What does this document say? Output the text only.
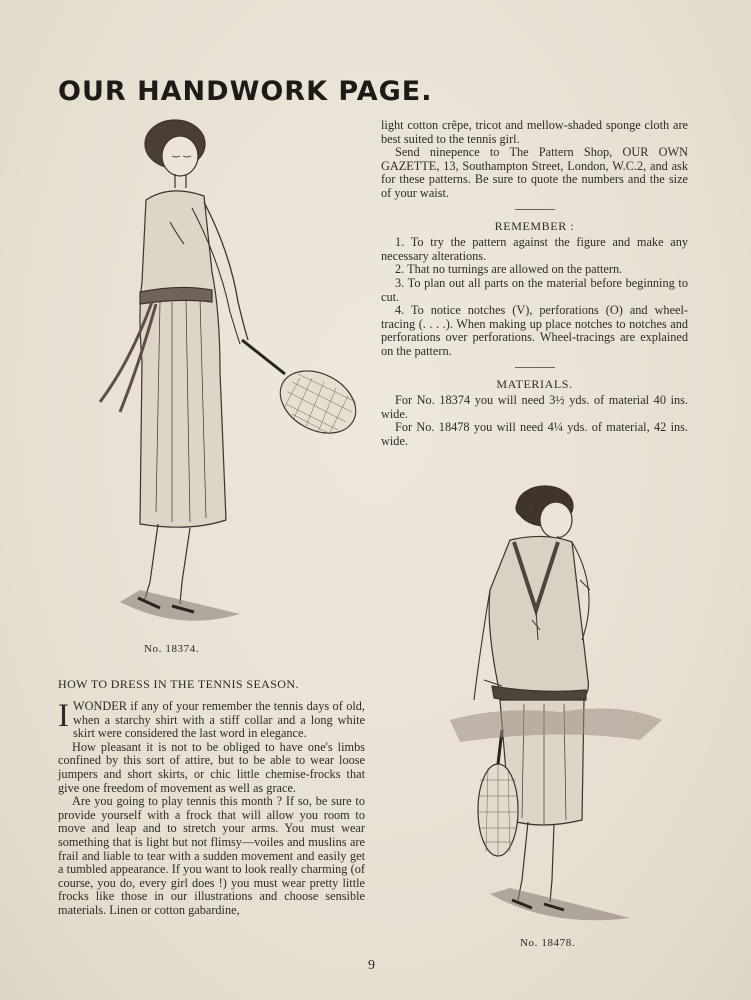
OUR HANDWORK PAGE.
No. 18374.
No. 18478.

light cotton crêpe, tricot and mellow-shaded sponge cloth are best suited to the tennis girl.

Send ninepence to The Pattern Shop, OUR OWN GAZETTE, 13, Southampton Street, London, W.C.2, and ask for these patterns. Be sure to quote the numbers and the size of your waist.

REMEMBER :

1. To try the pattern against the figure and make any necessary alterations.

2. That no turnings are allowed on the pattern.

3. To plan out all parts on the material before beginning to cut.

4. To notice notches (V), perforations (O) and wheel-tracing (. . . .). When making up place notches to notches and perforations over perforations. Wheel-tracings are explained on the pattern.

MATERIALS.

For No. 18374 you will need 3½ yds. of material 40 ins. wide.

For No. 18478 you will need 4¼ yds. of material, 42 ins. wide.

HOW TO DRESS IN THE TENNIS SEASON.

IWONDER if any of your remember the tennis days of old, when a starchy shirt with a stiff collar and a long white skirt were considered the last word in elegance.

How pleasant it is not to be obliged to have one's limbs confined by this sort of attire, but to be able to wear loose jumpers and short skirts, or chic little chemise-frocks that give one freedom of movement as well as grace.

Are you going to play tennis this month ? If so, be sure to provide yourself with a frock that will allow you room to move and leap and to stretch your arms. You must wear something that is light but not flimsy—voiles and muslins are frail and liable to tear with a sudden movement and easily get a tumbled appearance. If you want to look really charming (of course, you do, every girl does !) you must wear pretty little frocks like those in our illustrations and choose sensible materials. Linen or cotton gabardine,

9
